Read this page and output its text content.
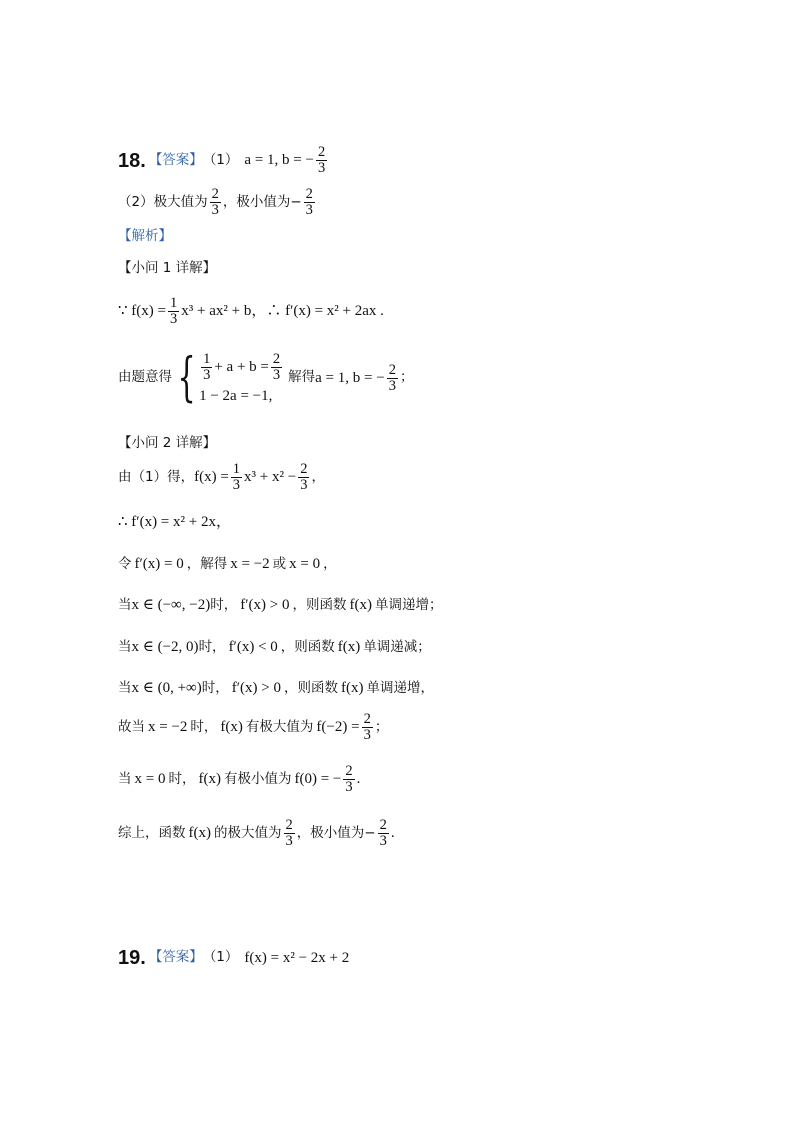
18. 【答案】 （1） a = 1, b = − $\frac{2}{3}$
（2）极大值为 $\frac{2}{3}$ ，极小值为− $\frac{2}{3}$
【解析】
【小问 1 详解】
∵ $f(x) = \frac{1}{3} x^3 + ax^2 + b$，∴ f′(x) = x² + 2ax .
由题意得 { $\frac{1}{3} + a + b = \frac{2}{3}$
1 − 2a = −1,
解得 a = 1, b = − $\frac{2}{3}$ ；
【小问 2 详解】
由（1）得， $f(x) = \frac{1}{3} x^3 + x^2 - \frac{2}{3}$ ，
∴ f′(x) = x² + 2x，
令 f′(x) = 0 ，解得 x = −2 或 x = 0 ，
当 x ∈ (−∞, −2) 时， f′(x) > 0 ，则函数 f(x) 单调递增；
当 x ∈ (−2, 0) 时， f′(x) < 0 ，则函数 f(x) 单调递减；
当 x ∈ (0, +∞) 时， f′(x) > 0 ，则函数 f(x) 单调递增，
故当 x = −2 时， f(x) 有极大值为 $f(-2) = \frac{2}{3}$ ；
当 x = 0 时， f(x) 有极小值为 f(0) = − $\frac{2}{3}$ .
综上，函数 f(x) 的极大值为 $\frac{2}{3}$ ，极小值为− $\frac{2}{3}$ .
19. 【答案】 （1） f(x) = x² − 2x + 2
